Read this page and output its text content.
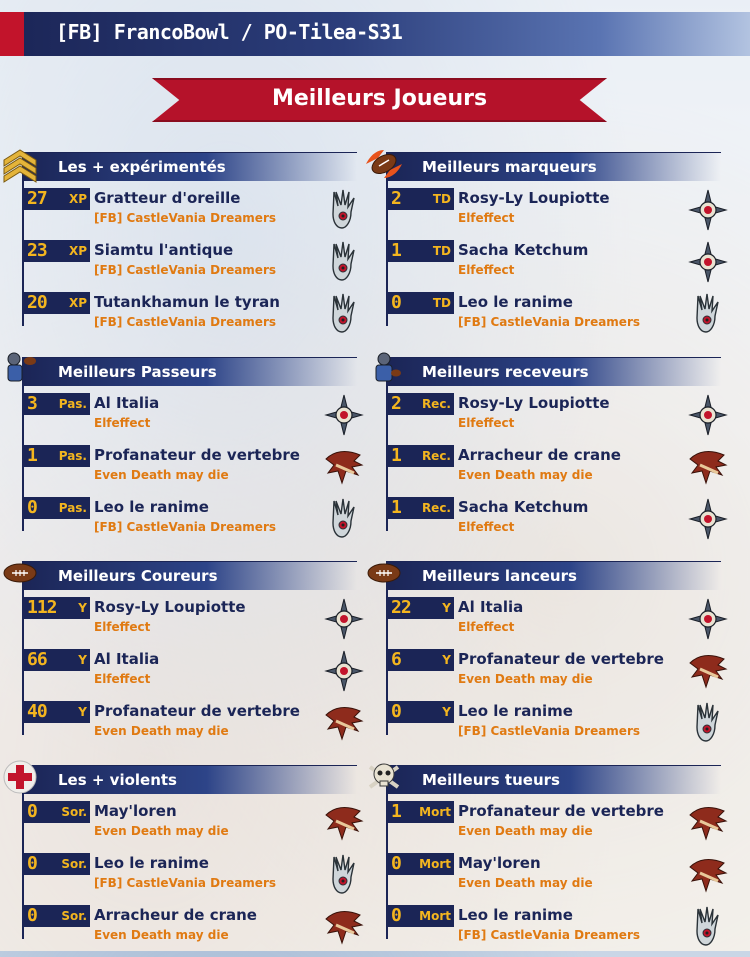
[FB] FrancoBowl / PO-Tilea-S31
Meilleurs Joueurs
Les + expérimentés
27 XP Gratteur d'oreille
[FB] CastleVania Dreamers
23 XP Siamtu l'antique
[FB] CastleVania Dreamers
20 XP Tutankhamun le tyran
[FB] CastleVania Dreamers
Meilleurs marqueurs
2	TD Rosy-Ly Loupiotte
Elfeffect
1	TD Sacha Ketchum
Elfeffect
0	TD Leo le ranime
[FB] CastleVania Dreamers
Meilleurs Passeurs
3 Pas. Al Italia
Elfeffect
1 Pas. Profanateur de vertebre
Even Death may die
0 Pas. Leo le ranime
[FB] CastleVania Dreamers
Meilleurs receveurs
2 Rec. Rosy-Ly Loupiotte
Elfeffect
1 Rec. Arracheur de crane
Even Death may die
1 Rec. Sacha Ketchum
Elfeffect
Meilleurs Coureurs
112 Y Rosy-Ly Loupiotte
Elfeffect
66	Y Al Italia
Elfeffect
40	Y Profanateur de vertebre
Even Death may die
Meilleurs lanceurs
22	Y Al Italia
Elfeffect
6	Y Profanateur de vertebre
Even Death may die
0	Y Leo le ranime
[FB] CastleVania Dreamers
Les + violents
0 Sor. May'loren
Even Death may die
0 Sor. Leo le ranime
[FB] CastleVania Dreamers
0 Sor. Arracheur de crane
Even Death may die
Meilleurs tueurs
1 Mort Profanateur de vertebre
Even Death may die
0 Mort May'loren
Even Death may die
0 Mort Leo le ranime
[FB] CastleVania Dreamers
